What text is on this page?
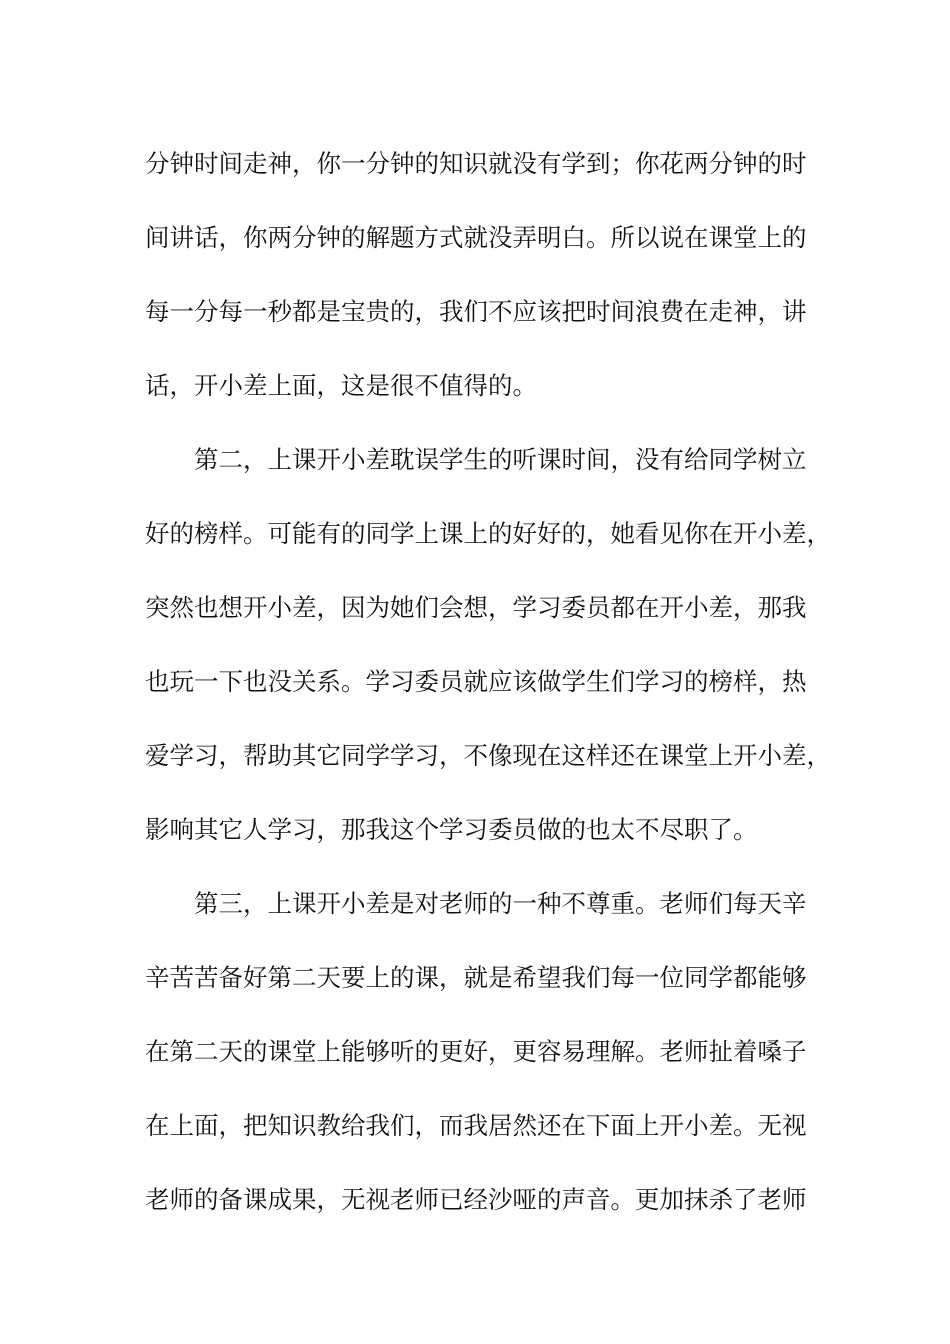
分钟时间走神，你一分钟的知识就没有学到；你花两分钟的时
间讲话，你两分钟的解题方式就没弄明白。所以说在课堂上的
每一分每一秒都是宝贵的，我们不应该把时间浪费在走神，讲
话，开小差上面，这是很不值得的。
第二，上课开小差耽误学生的听课时间，没有给同学树立
好的榜样。可能有的同学上课上的好好的，她看见你在开小差，
突然也想开小差，因为她们会想，学习委员都在开小差，那我
也玩一下也没关系。学习委员就应该做学生们学习的榜样，热
爱学习，帮助其它同学学习，不像现在这样还在课堂上开小差，
影响其它人学习，那我这个学习委员做的也太不尽职了。
第三，上课开小差是对老师的一种不尊重。老师们每天辛
辛苦苦备好第二天要上的课，就是希望我们每一位同学都能够
在第二天的课堂上能够听的更好，更容易理解。老师扯着嗓子
在上面，把知识教给我们，而我居然还在下面上开小差。无视
老师的备课成果，无视老师已经沙哑的声音。更加抹杀了老师
